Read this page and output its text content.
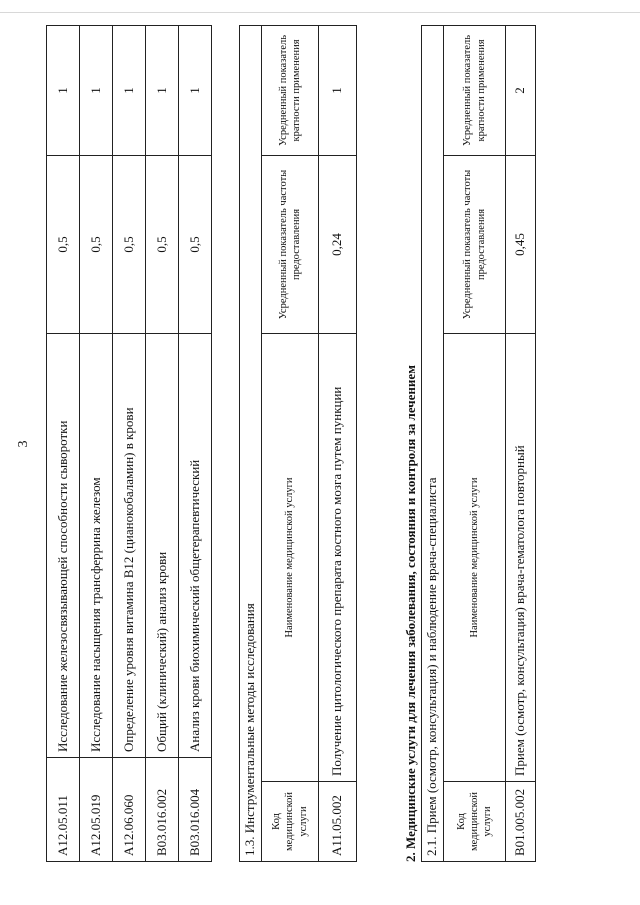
3
A12.05.011	Исследование железосвязывающей способности сыворотки	0,5	1
A12.05.019	Исследование насыщения трансферрина железом	0,5	1
A12.06.060	Определение уровня витамина B12 (цианокобаламин) в крови	0,5	1
B03.016.002	Общий (клинический) анализ крови	0,5	1
B03.016.004	Анализ крови биохимический общетерапевтический	0,5	1
1.3. Инструментальные методы исследования			
Код медицинской услуги	Наименование медицинской услуги	Усредненный показатель частоты предоставления	Усредненный показатель кратности применения
A11.05.002	Получение цитологического препарата костного мозга путем пункции	0,24	1
2. Медицинские услуги для лечения заболевания, состояния и контроля за лечением 2.1. Прием (осмотр, консультация) и наблюдение врача-специалиста			
Код медицинской услуги	Наименование медицинской услуги	Усредненный показатель частоты предоставления	Усредненный показатель кратности применения
B01.005.002	Прием (осмотр, консультация) врача-гематолога повторный	0,45	2
